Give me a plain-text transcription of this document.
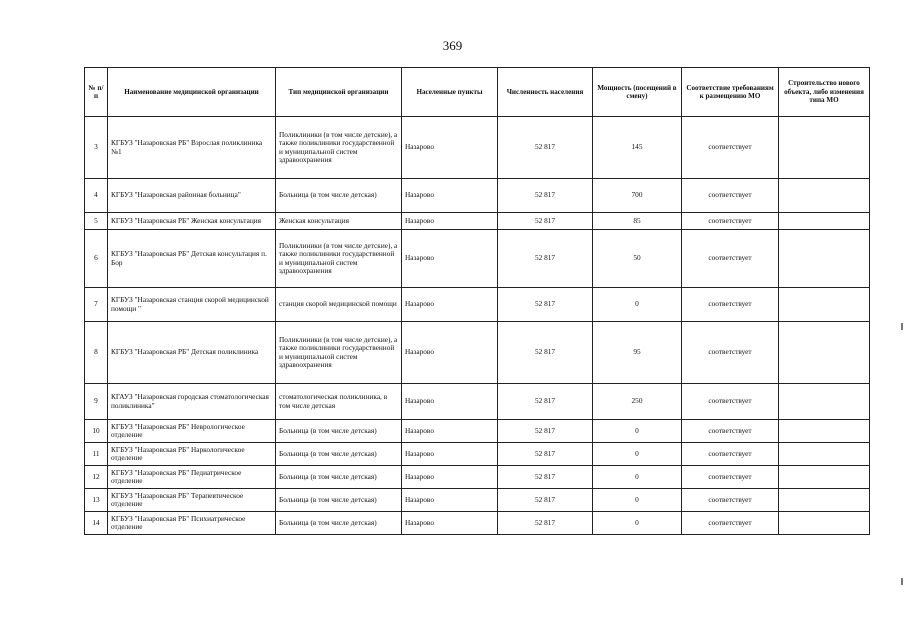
369
№ п/п	Наименование медицинской организации	Тип медицинской организации	Населенные пункты	Численность населения	Мощность (посещений в смену)	Соответствие требованиям к размещению МО	Строительство нового объекта, либо изменения типа МО
3	КГБУЗ "Назаровская РБ" Взрослая поликлиника №1	Поликлиники (в том числе детские), а также поликлиники государственной и муниципальной систем здравоохранения	Назарово	52 817	145	соответствует	
4	КГБУЗ "Назаровская районная больница"	Больница (в том числе детская)	Назарово	52 817	700	соответствует	
5	КГБУЗ "Назаровская РБ" Женская консультация	Женская консультация	Назарово	52 817	85	соответствует	
6	КГБУЗ "Назаровская РБ" Детская консультация п. Бор	Поликлиники (в том числе детские), а также поликлиники государственной и муниципальной систем здравоохранения	Назарово	52 817	50	соответствует	
7	КГБУЗ "Назаровская станция скорой медицинской помощи "	станция скорой медицинской помощи	Назарово	52 817	0	соответствует	
8	КГБУЗ "Назаровская РБ" Детская поликлиника	Поликлиники (в том числе детские), а также поликлиники государственной и муниципальной систем здравоохранения	Назарово	52 817	95	соответствует	
9	КГАУЗ "Назаровская городская стоматологическая поликлиника"	стоматологическая поликлиника, в том числе детская	Назарово	52 817	250	соответствует	
10	КГБУЗ "Назаровская РБ" Неврологическое отделение	Больница (в том числе детская)	Назарово	52 817	0	соответствует	
11	КГБУЗ "Назаровская РБ" Наркологическое отделение	Больница (в том числе детская)	Назарово	52 817	0	соответствует	
12	КГБУЗ "Назаровская РБ" Педиатрическое отделение	Больница (в том числе детская)	Назарово	52 817	0	соответствует	
13	КГБУЗ "Назаровская РБ" Терапевтическое отделение	Больница (в том числе детская)	Назарово	52 817	0	соответствует	
14	КГБУЗ "Назаровская РБ" Психиатрическое отделение	Больница (в том числе детская)	Назарово	52 817	0	соответствует	
